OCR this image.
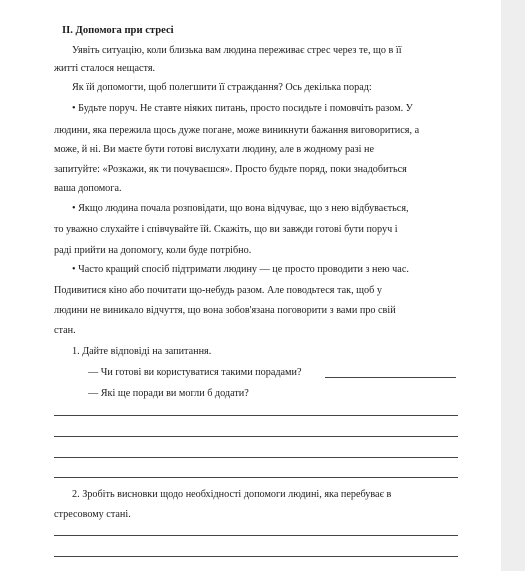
ІІ. Допомога при стресі
Уявіть ситуацію, коли близька вам людина переживає стрес через те, що в її
житті сталося нещастя.
Як їй допомогти, щоб полегшити її страждання? Ось декілька порад:
• Будьте поруч. Не ставте ніяких питань, просто посидьте і помовчіть разом. У
людини, яка пережила щось дуже погане, може виникнути бажання виговоритися, а
може, й ні. Ви маєте бути готові вислухати людину, але в жодному разі не
запитуйте: «Розкажи, як ти почуваєшся». Просто будьте поряд, поки знадобиться
ваша допомога.
• Якщо людина почала розповідати, що вона відчуває, що з нею відбувається,
то уважно слухайте і співчувайте їй. Скажіть, що ви завжди готові бути поруч і
раді прийти на допомогу, коли буде потрібно.
• Часто кращий спосіб підтримати людину — це просто проводити з нею час.
Подивитися кіно або почитати що-небудь разом. Але поводьтеся так, щоб у
людини не виникало відчуття, що вона зобов'язана поговорити з вами про свій
стан.
1. Дайте відповіді на запитання.
— Чи готові ви користуватися такими порадами?
— Які ще поради ви могли б додати?
2. Зробіть висновки щодо необхідності допомоги людині, яка перебуває в
стресовому стані.
